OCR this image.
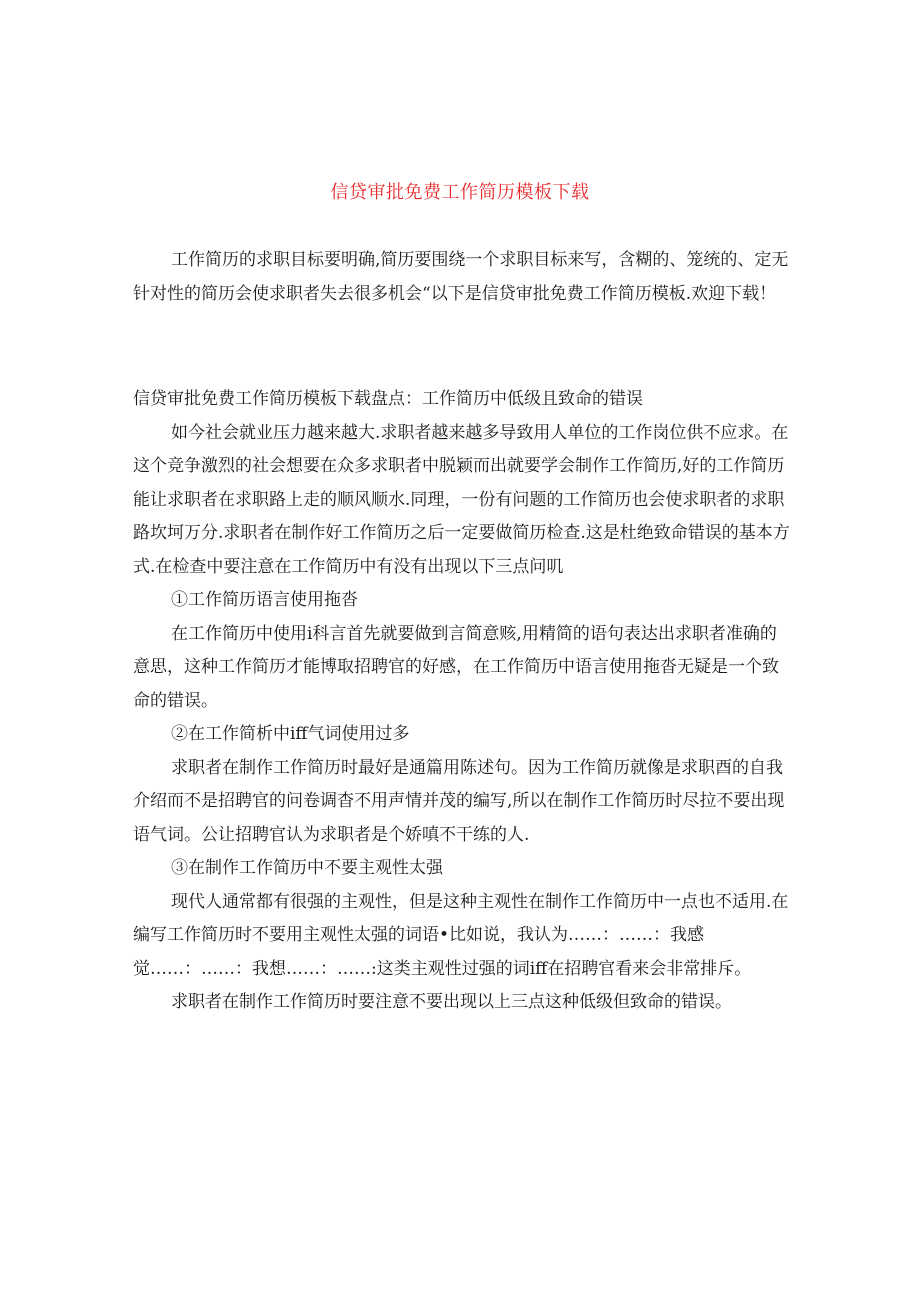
信贷审批免费工作简历模板下载

工作简历的求职目标要明确,简历要围绕一个求职目标来写，含糊的、笼统的、定无针对性的简历会使求职者失去很多机会“以下是信贷审批免费工作简历模板.欢迎下载！

信贷审批免费工作简历模板下载盘点：工作简历中低级且致命的错误

如今社会就业压力越来越大.求职者越来越多导致用人单位的工作岗位供不应求。在这个竞争激烈的社会想要在众多求职者中脱颖而出就要学会制作工作简历,好的工作简历能让求职者在求职路上走的顺风顺水.同理，一份有问题的工作简历也会使求职者的求职路坎坷万分.求职者在制作好工作简历之后一定要做简历检查.这是杜绝致命错误的基本方式.在检查中要注意在工作简历中有没有出现以下三点问叽

①工作简历语言使用拖沓

在工作简历中使用i科言首先就要做到言简意赅,用精简的语句表达出求职者准确的意思，这种工作简历才能博取招聘官的好感，在工作简历中语言使用拖沓无疑是一个致命的错误。

②在工作简析中iff气词使用过多

求职者在制作工作简历时最好是通篇用陈述句。因为工作简历就像是求职酉的自我介绍而不是招聘官的问卷调杳不用声情并茂的编写,所以在制作工作简历时尽拉不要出现语气词。公让招聘官认为求职者是个娇嗔不干练的人.

③在制作工作简历中不要主观性太强

现代人通常都有很强的主观性，但是这种主观性在制作工作简历中一点也不适用.在编写工作简历时不要用主观性太强的词语•比如说，我认为……：……：我感觉……：……：我想……：……:这类主观性过强的词iff在招聘官看来会非常排斥。

求职者在制作工作简历时要注意不要出现以上三点这种低级但致命的错误。
